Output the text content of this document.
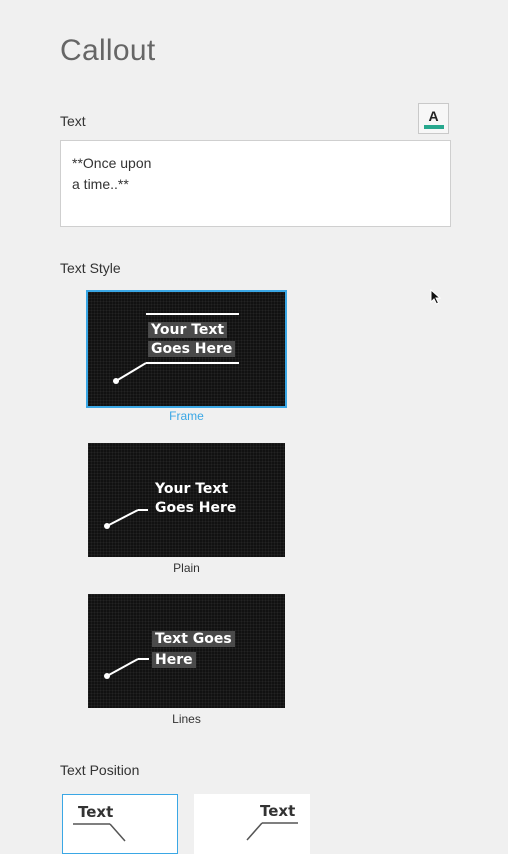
Callout
Text	A
**Once upon a time..**
Text Style
Your Text
Goes Here
Frame
Your Text
Goes Here
Plain
Text Goes
Here
Lines
Text Position
Text	Text
